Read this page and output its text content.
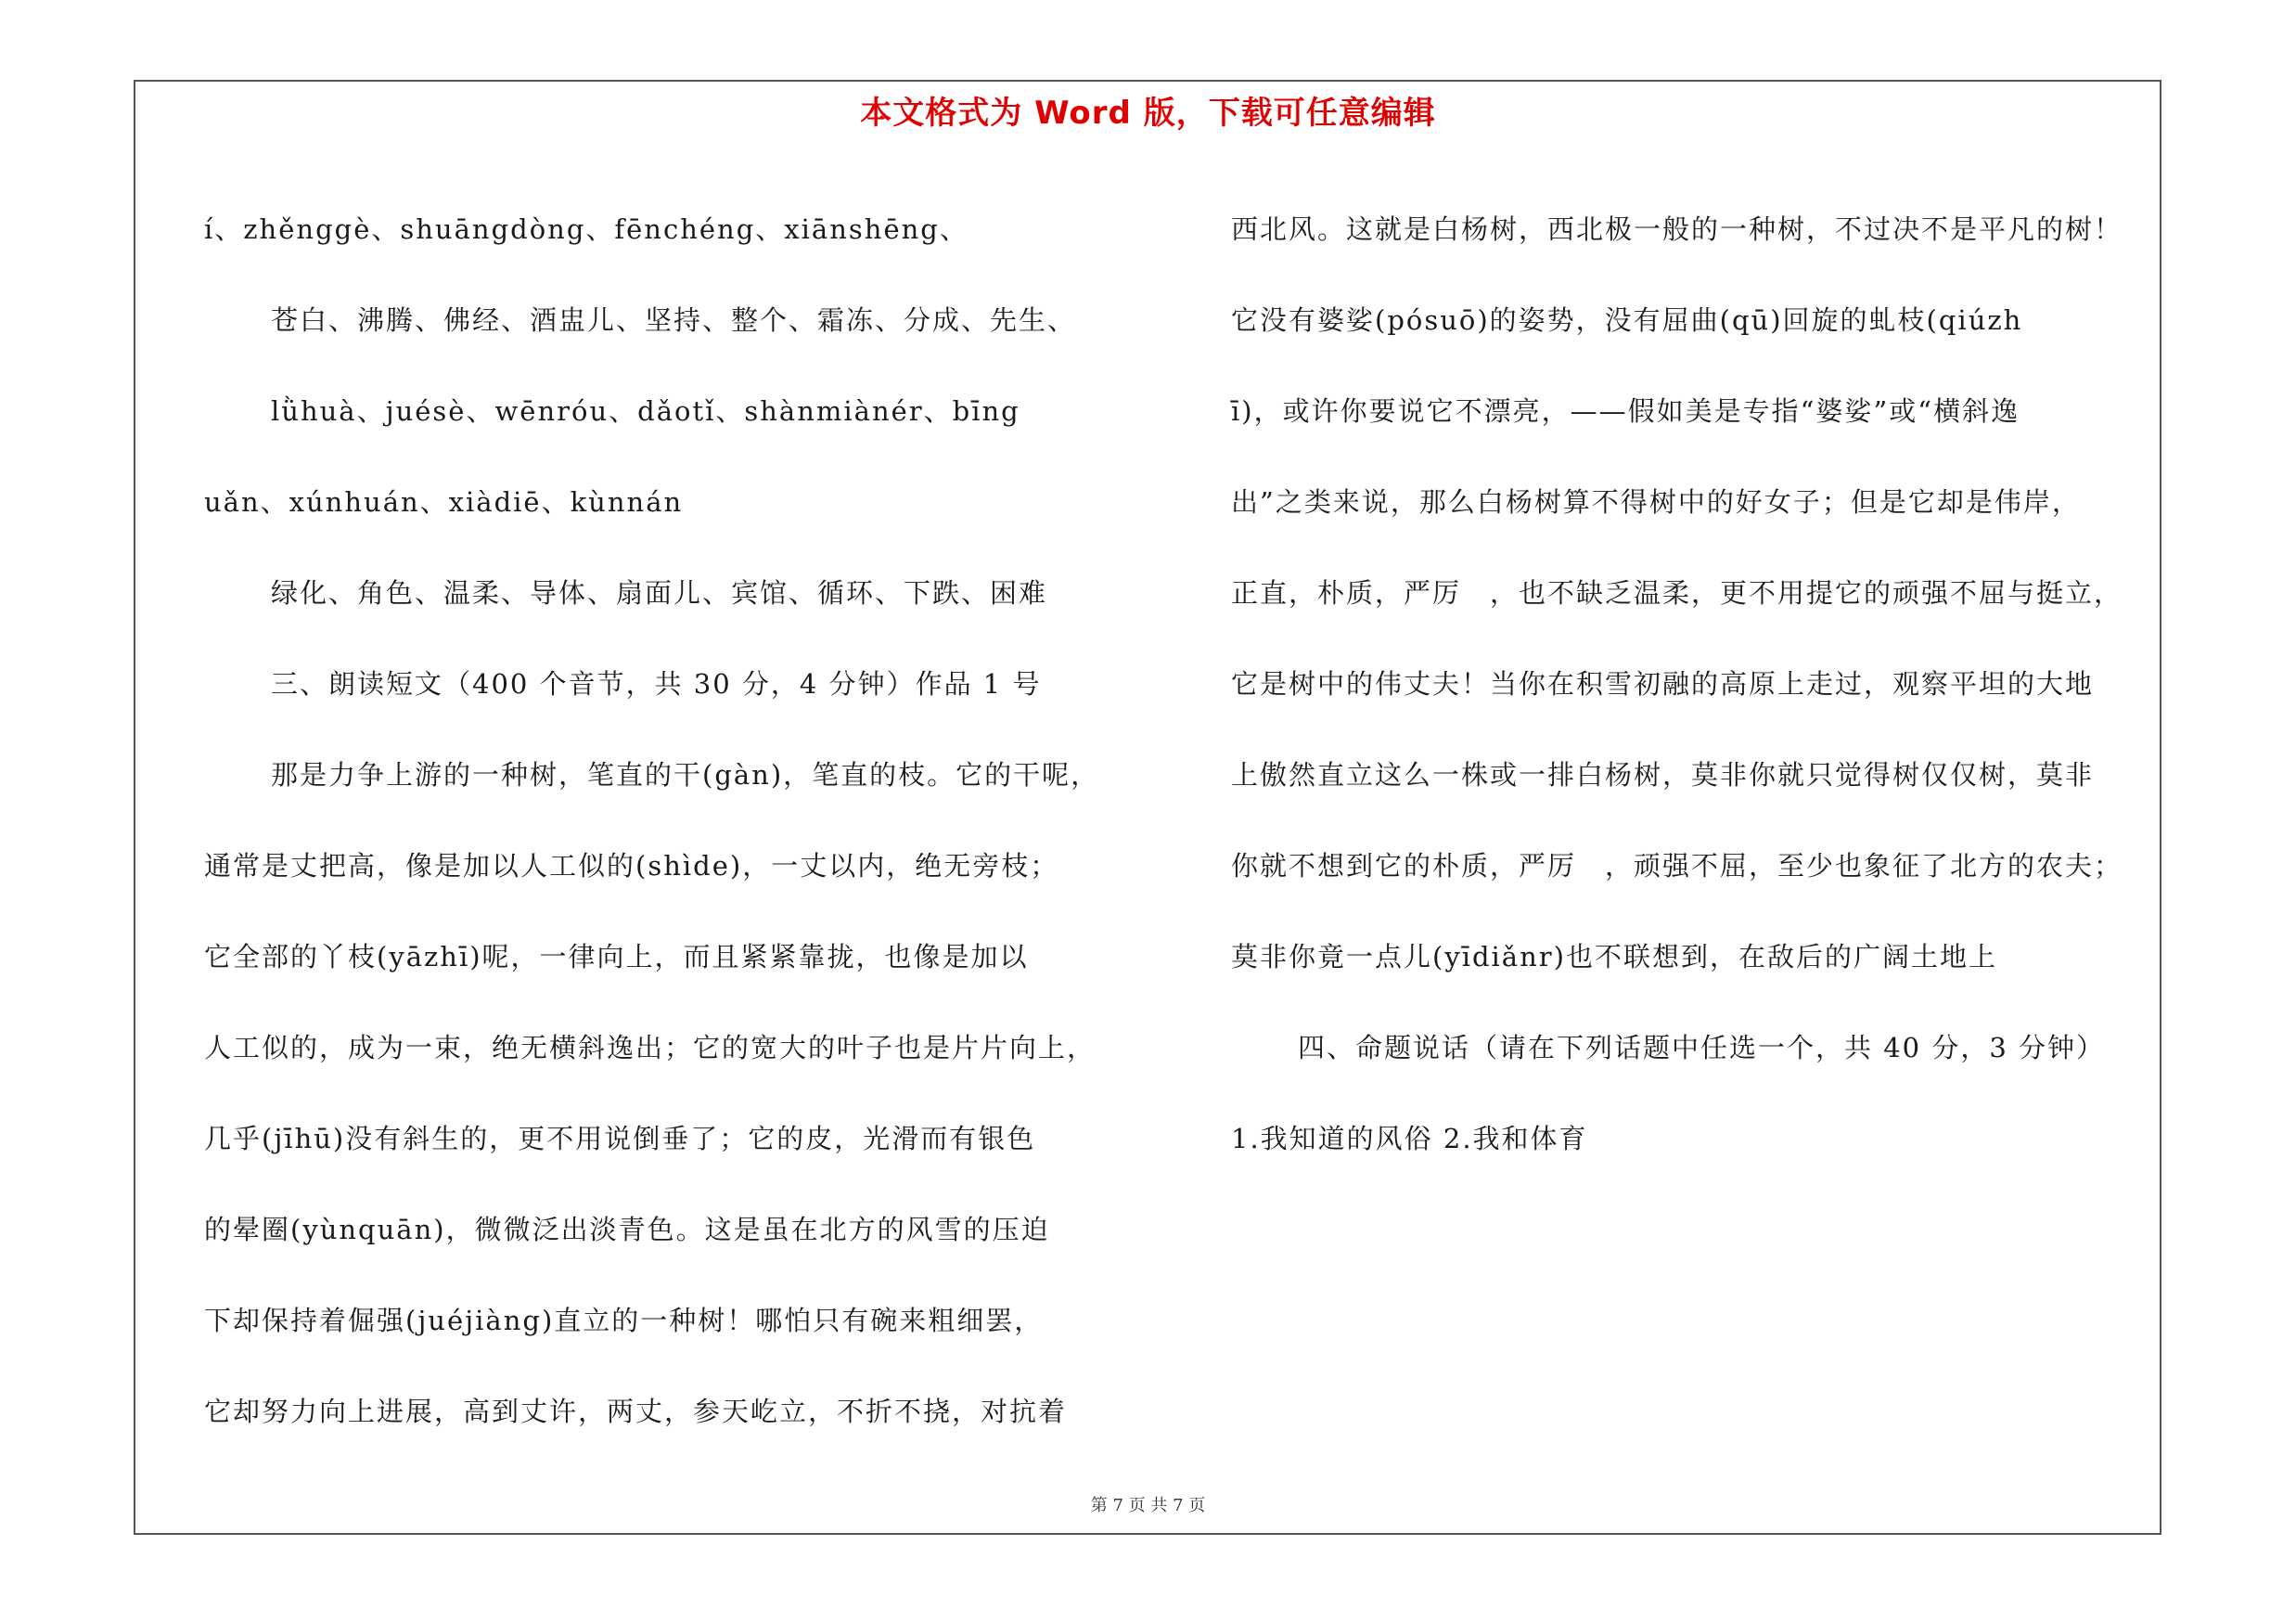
本文格式为 Word 版，下载可任意编辑
í、zhěnggè、shuāngdòng、fēnchéng、xiānshēng、
苍白、沸腾、佛经、酒盅儿、坚持、整个、霜冻、分成、先生、
lǜhuà、juésè、wēnróu、dǎotǐ、shànmiànér、bīng
uǎn、xúnhuán、xiàdiē、kùnnán
绿化、角色、温柔、导体、扇面儿、宾馆、循环、下跌、困难
三、朗读短文（400 个音节，共 30 分，4 分钟）作品 1 号
那是力争上游的一种树，笔直的干(gàn)，笔直的枝。它的干呢，
通常是丈把高，像是加以人工似的(shìde)，一丈以内，绝无旁枝；
它全部的丫枝(yāzhī)呢，一律向上，而且紧紧靠拢，也像是加以
人工似的，成为一束，绝无横斜逸出；它的宽大的叶子也是片片向上，
几乎(jīhū)没有斜生的，更不用说倒垂了；它的皮，光滑而有银色
的晕圈(yùnquān)，微微泛出淡青色。这是虽在北方的风雪的压迫
下却保持着倔强(juéjiàng)直立的一种树！哪怕只有碗来粗细罢，
它却努力向上进展，高到丈许，两丈，参天屹立，不折不挠，对抗着
西北风。这就是白杨树，西北极一般的一种树，不过决不是平凡的树！
它没有婆娑(pósuō)的姿势，没有屈曲(qū)回旋的虬枝(qiúzh
ī)，或许你要说它不漂亮，——假如美是专指“婆娑”或“横斜逸
出”之类来说，那么白杨树算不得树中的好女子；但是它却是伟岸，
正直，朴质，严厉　，也不缺乏温柔，更不用提它的顽强不屈与挺立，
它是树中的伟丈夫！当你在积雪初融的高原上走过，观察平坦的大地
上傲然直立这么一株或一排白杨树，莫非你就只觉得树仅仅树，莫非
你就不想到它的朴质，严厉　，顽强不屈，至少也象征了北方的农夫；
莫非你竟一点儿(yīdiǎnr)也不联想到，在敌后的广阔土地上
四、命题说话（请在下列话题中任选一个，共 40 分，3 分钟）
1.我知道的风俗 2.我和体育
第 7 页 共 7 页
